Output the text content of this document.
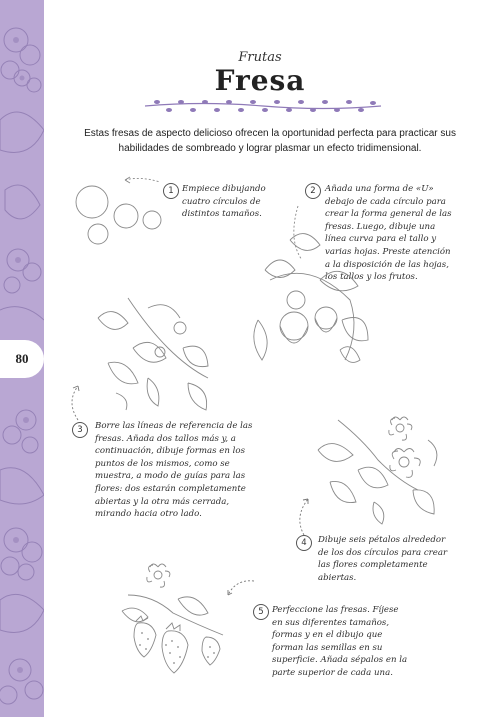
80
Frutas
Fresa
Estas fresas de aspecto delicioso ofrecen la oportunidad perfecta para practicar sus habilidades de sombreado y lograr plasmar un efecto tridimensional.
1 Empiece dibujando cuatro círculos de distintos tamaños.
2	Añada una forma de «U» debajo de cada círculo para crear la forma general de las fresas. Luego, dibuje una línea curva para el tallo y varias hojas. Preste atención a la disposición de las hojas, los tallos y los frutos.
3	Borre las líneas de referencia de las fresas. Añada dos tallos más y, a continuación, dibuje formas en los puntos de los mismos, como se muestra, a modo de guías para las flores: dos estarán completamente abiertas y la otra más cerrada, mirando hacia otro lado.
4	Dibuje seis pétalos alrededor de los dos círculos para crear las flores completamente abiertas.
5 Perfeccione las fresas. Fíjese en sus diferentes tamaños, formas y en el dibujo que forman las semillas en su superficie. Añada sépalos en la parte superior de cada una.
